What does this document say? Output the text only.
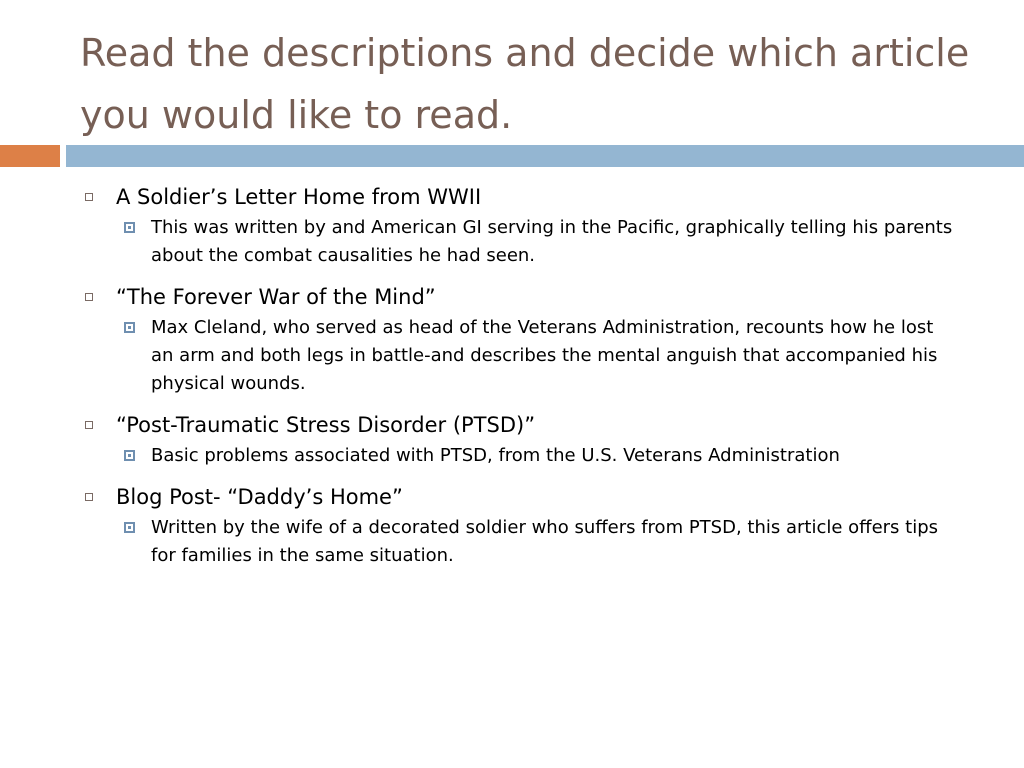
Read the descriptions and decide which article you would like to read.
A Soldier’s Letter Home from WWII
This was written by and American GI serving in the Pacific, graphically telling his parents about the combat causalities he had seen.
“The Forever War of the Mind”
Max Cleland, who served as head of the Veterans Administration, recounts how he lost an arm and both legs in battle-and describes the mental anguish that accompanied his physical wounds.
“Post-Traumatic Stress Disorder (PTSD)”
Basic problems associated with PTSD, from the U.S. Veterans Administration
Blog Post- “Daddy’s Home”
Written by the wife of a decorated soldier who suffers from PTSD, this article offers tips for families in the same situation.
